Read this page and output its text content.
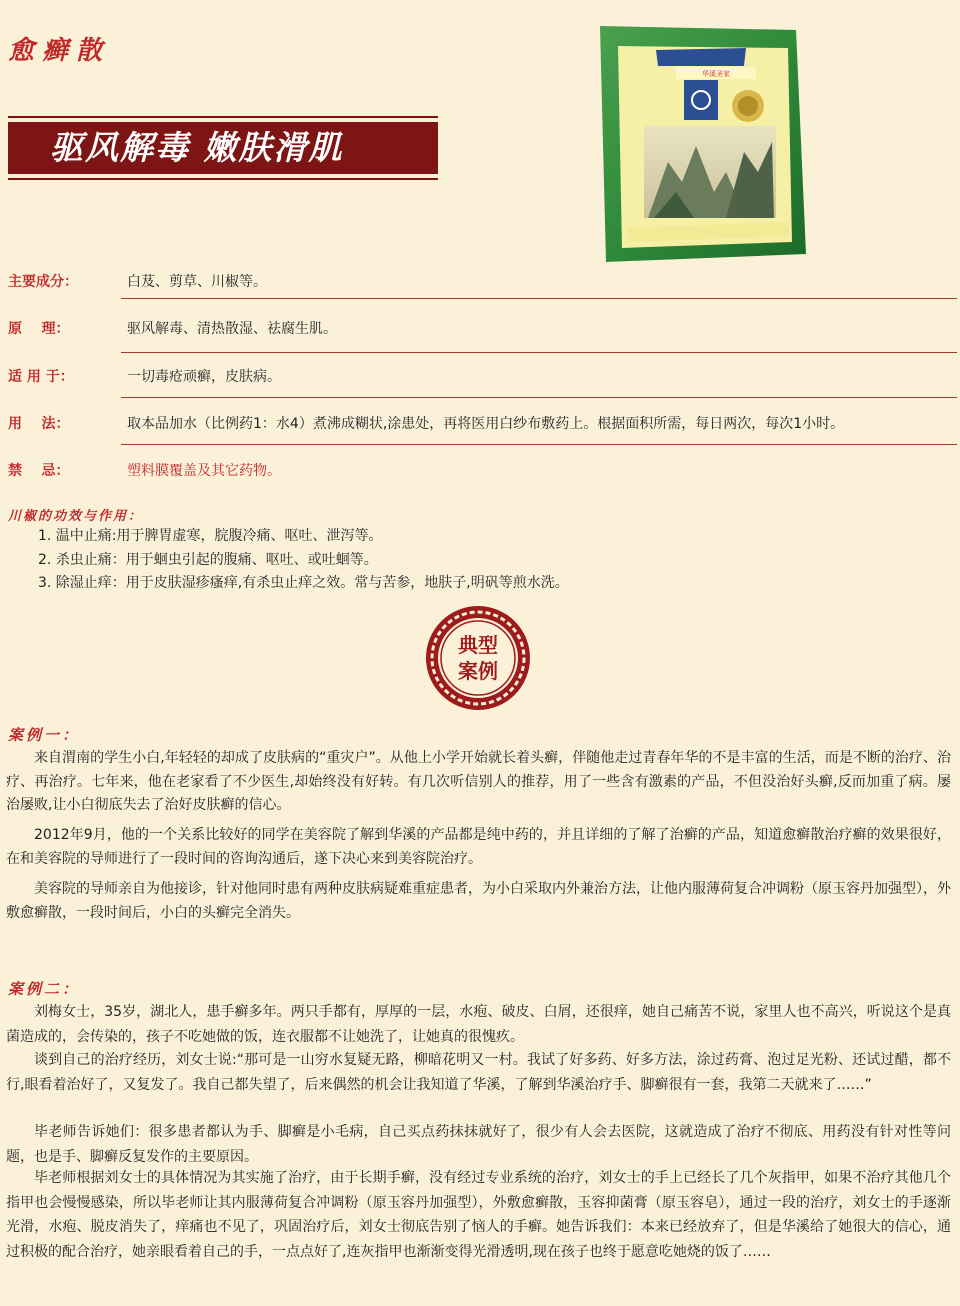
愈癣散
驱风解毒 嫩肤滑肌
华溪圣家
主要成分：	白芨、剪草、川椒等。
原    理：	驱风解毒、清热散湿、祛腐生肌。
适 用 于：	一切毒疮顽癣，皮肤病。
用    法：	取本品加水（比例药1：水4）煮沸成糊状,涂患处，再将医用白纱布敷药上。根据面积所需，每日两次，每次1小时。
禁    忌：	塑料膜覆盖及其它药物。
川椒的功效与作用：
1. 温中止痛:用于脾胃虚寒，脘腹冷痛、呕吐、泄泻等。
2. 杀虫止痛：用于蛔虫引起的腹痛、呕吐、或吐蛔等。
3. 除湿止痒：用于皮肤湿疹瘙痒,有杀虫止痒之效。常与苦参，地肤子,明矾等煎水洗。
典型
案例
案例一：
来自渭南的学生小白,年轻轻的却成了皮肤病的“重灾户”。从他上小学开始就长着头癣，伴随他走过青春年华的不是丰富的生活，而是不断的治疗、治疗、再治疗。七年来，他在老家看了不少医生,却始终没有好转。有几次听信别人的推荐，用了一些含有激素的产品，不但没治好头癣,反而加重了病。屡治屡败,让小白彻底失去了治好皮肤癣的信心。
2012年9月，他的一个关系比较好的同学在美容院了解到华溪的产品都是纯中药的，并且详细的了解了治癣的产品，知道愈癣散治疗癣的效果很好，在和美容院的导师进行了一段时间的咨询沟通后，遂下决心来到美容院治疗。
美容院的导师亲自为他接诊，针对他同时患有两种皮肤病疑难重症患者，为小白采取内外兼治方法，让他内服薄荷复合冲调粉（原玉容丹加强型），外敷愈癣散，一段时间后，小白的头癣完全消失。
案例二：
刘梅女士，35岁，湖北人，患手癣多年。两只手都有，厚厚的一层，水疱、破皮、白屑，还很痒，她自己痛苦不说，家里人也不高兴，听说这个是真菌造成的，会传染的，孩子不吃她做的饭，连衣服都不让她洗了，让她真的很愧疚。
谈到自己的治疗经历，刘女士说:“那可是一山穷水复疑无路，柳暗花明又一村。我试了好多药、好多方法，涂过药膏、泡过足光粉、还试过醋，都不行,眼看着治好了，又复发了。我自己都失望了，后来偶然的机会让我知道了华溪，了解到华溪治疗手、脚癣很有一套，我第二天就来了……”
毕老师告诉她们：很多患者都认为手、脚癣是小毛病，自己买点药抹抹就好了，很少有人会去医院，这就造成了治疗不彻底、用药没有针对性等问题，也是手、脚癣反复发作的主要原因。
毕老师根据刘女士的具体情况为其实施了治疗，由于长期手癣，没有经过专业系统的治疗，刘女士的手上已经长了几个灰指甲，如果不治疗其他几个指甲也会慢慢感染，所以毕老师让其内服薄荷复合冲调粉（原玉容丹加强型），外敷愈癣散，玉容抑菌膏（原玉容皂），通过一段的治疗，刘女士的手逐渐光滑，水疱、脱皮消失了，痒痛也不见了，巩固治疗后，刘女士彻底告别了恼人的手癣。她告诉我们：本来已经放弃了，但是华溪给了她很大的信心，通过积极的配合治疗，她亲眼看着自己的手，一点点好了,连灰指甲也渐渐变得光滑透明,现在孩子也终于愿意吃她烧的饭了……
